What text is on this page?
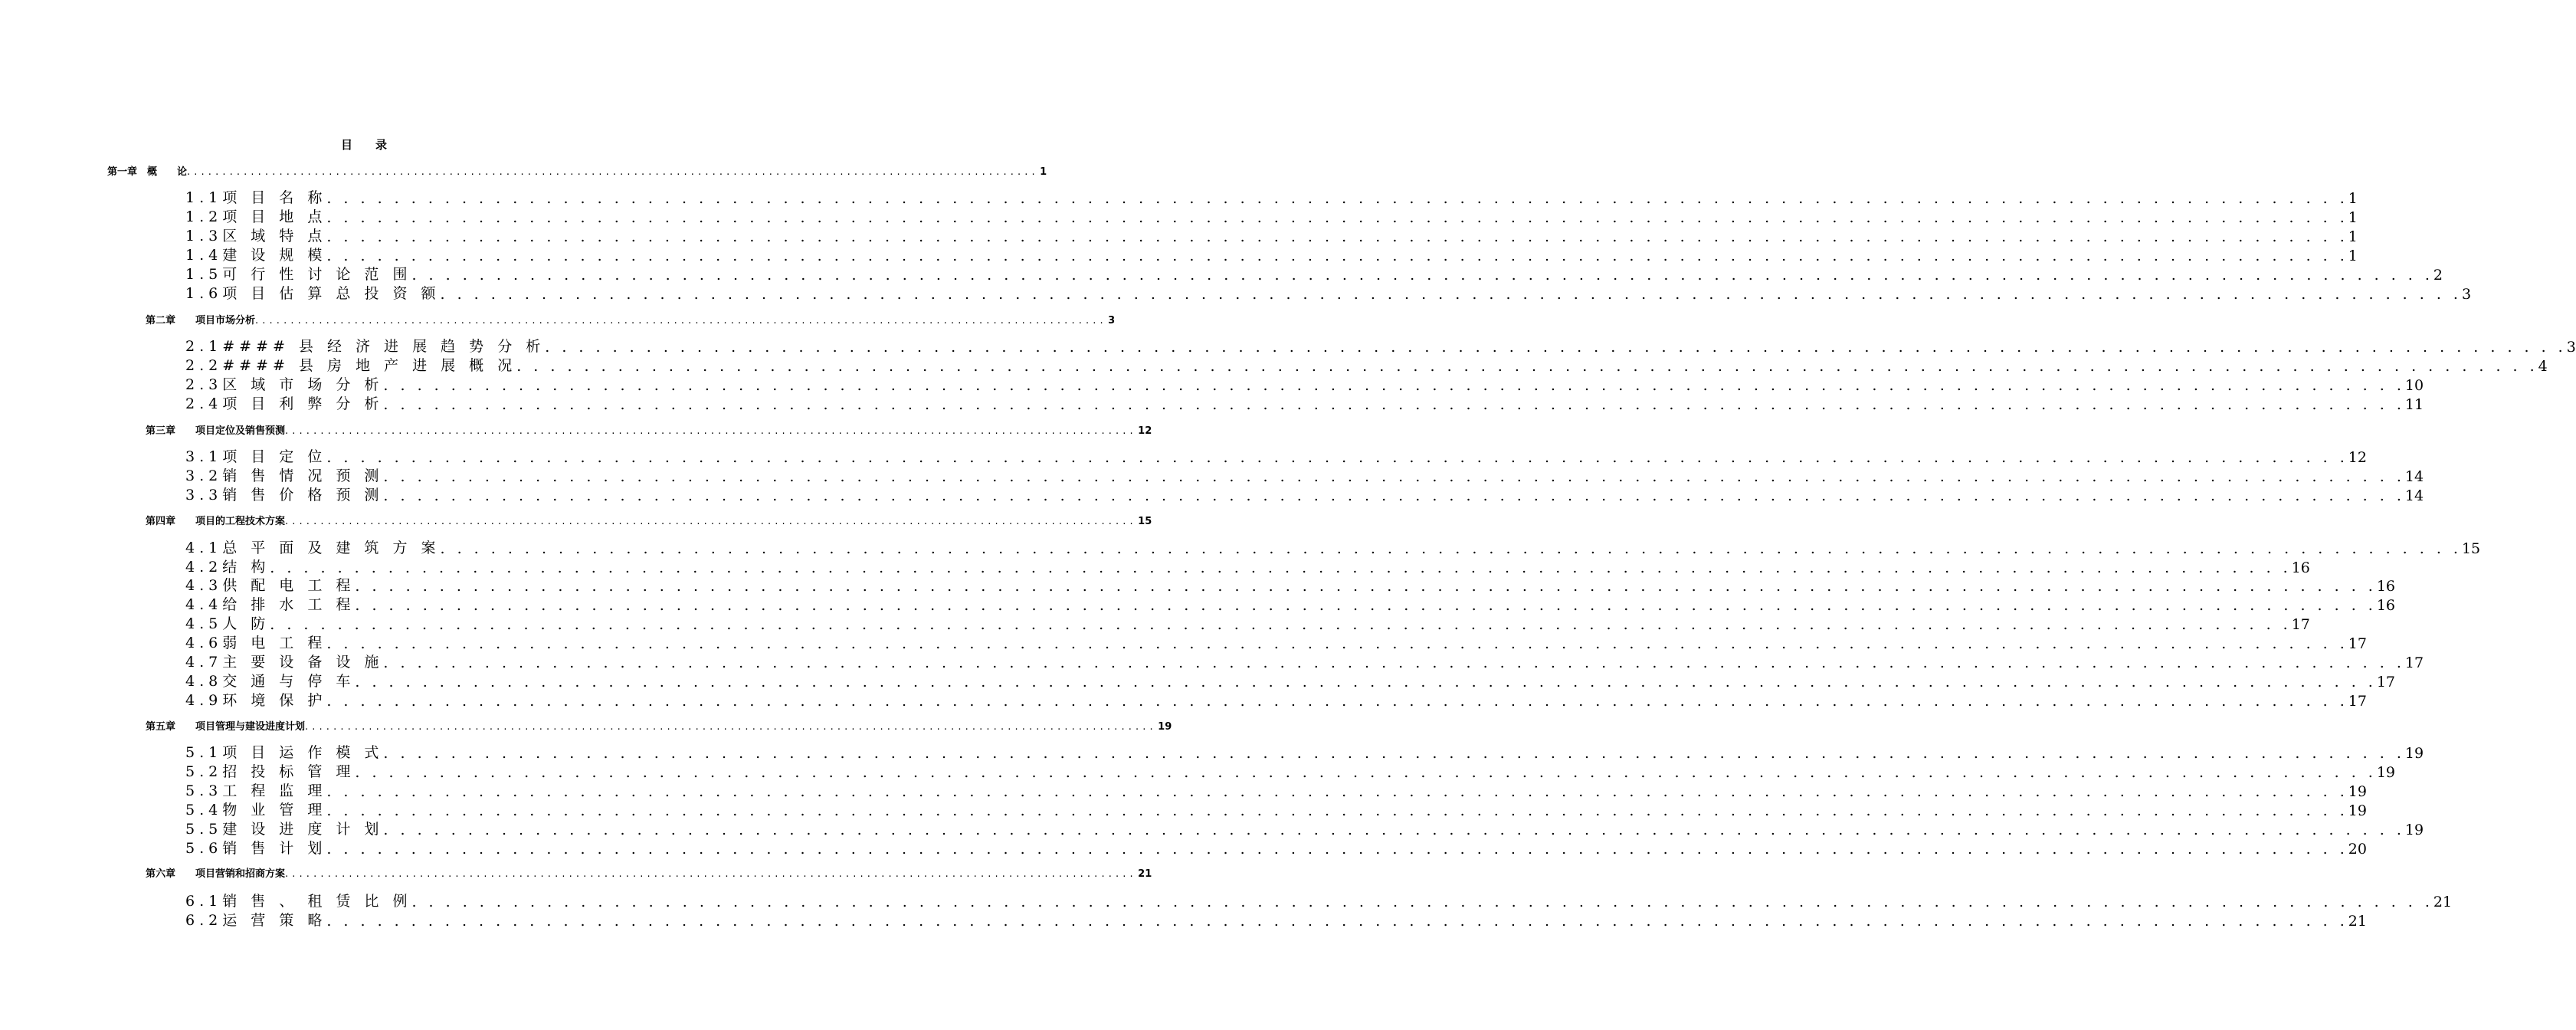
目　　录
第一章　概　　论 . . . . . . . . . . . . . . . . . . . . . . . . . . . . . . . . . . . . . . . . . . . . . . . . . . . . . . . . . . . . . . . . . . . . . . . . . . . . . . . . . . . . . . . . . . . . . . . . . . . . . . . . . . . . . . . . . . . . . . . . 1
1.1项 目 名 称 . . . . . . . . . . . . . . . . . . . . . . . . . . . . . . . . . . . . . . . . . . . . . . . . . . . . . . . . . . . . . . . . . . . . . . . . . . . . . . . . . . . . . . . . . . . . . . . . . . . . . . . . . . . . . . . . . . . . . . . . 1
1.2项 目 地 点 . . . . . . . . . . . . . . . . . . . . . . . . . . . . . . . . . . . . . . . . . . . . . . . . . . . . . . . . . . . . . . . . . . . . . . . . . . . . . . . . . . . . . . . . . . . . . . . . . . . . . . . . . . . . . . . . . . . . . . . . 1
1.3区 域 特 点 . . . . . . . . . . . . . . . . . . . . . . . . . . . . . . . . . . . . . . . . . . . . . . . . . . . . . . . . . . . . . . . . . . . . . . . . . . . . . . . . . . . . . . . . . . . . . . . . . . . . . . . . . . . . . . . . . . . . . . . . 1
1.4建 设 规 模 . . . . . . . . . . . . . . . . . . . . . . . . . . . . . . . . . . . . . . . . . . . . . . . . . . . . . . . . . . . . . . . . . . . . . . . . . . . . . . . . . . . . . . . . . . . . . . . . . . . . . . . . . . . . . . . . . . . . . . . . 1
1.5可 行 性 讨 论 范 围 . . . . . . . . . . . . . . . . . . . . . . . . . . . . . . . . . . . . . . . . . . . . . . . . . . . . . . . . . . . . . . . . . . . . . . . . . . . . . . . . . . . . . . . . . . . . . . . . . . . . . . . . . . . . . . . . . . . . . . . . 2
1.6项 目 估 算 总 投 资 额 . . . . . . . . . . . . . . . . . . . . . . . . . . . . . . . . . . . . . . . . . . . . . . . . . . . . . . . . . . . . . . . . . . . . . . . . . . . . . . . . . . . . . . . . . . . . . . . . . . . . . . . . . . . . . . . . . . . . . . . . 3
第二章　　项目市场分析 . . . . . . . . . . . . . . . . . . . . . . . . . . . . . . . . . . . . . . . . . . . . . . . . . . . . . . . . . . . . . . . . . . . . . . . . . . . . . . . . . . . . . . . . . . . . . . . . . . . . . . . . . . . . . . . . . . . . . . . . 3
2.1#### 县 经 济 进 展 趋 势 分 析 . . . . . . . . . . . . . . . . . . . . . . . . . . . . . . . . . . . . . . . . . . . . . . . . . . . . . . . . . . . . . . . . . . . . . . . . . . . . . . . . . . . . . . . . . . . . . . . . . . . . . . . . . . . . . . . . . . . . . . . . 3
2.2#### 县 房 地 产 进 展 概 况 . . . . . . . . . . . . . . . . . . . . . . . . . . . . . . . . . . . . . . . . . . . . . . . . . . . . . . . . . . . . . . . . . . . . . . . . . . . . . . . . . . . . . . . . . . . . . . . . . . . . . . . . . . . . . . . . . . . . . . . . 4
2.3区 域 市 场 分 析 . . . . . . . . . . . . . . . . . . . . . . . . . . . . . . . . . . . . . . . . . . . . . . . . . . . . . . . . . . . . . . . . . . . . . . . . . . . . . . . . . . . . . . . . . . . . . . . . . . . . . . . . . . . . . . . . . . . . . . . . 10
2.4项 目 利 弊 分 析 . . . . . . . . . . . . . . . . . . . . . . . . . . . . . . . . . . . . . . . . . . . . . . . . . . . . . . . . . . . . . . . . . . . . . . . . . . . . . . . . . . . . . . . . . . . . . . . . . . . . . . . . . . . . . . . . . . . . . . . . 11
第三章　　项目定位及销售预测 . . . . . . . . . . . . . . . . . . . . . . . . . . . . . . . . . . . . . . . . . . . . . . . . . . . . . . . . . . . . . . . . . . . . . . . . . . . . . . . . . . . . . . . . . . . . . . . . . . . . . . . . . . . . . . . . . . . . . . . . 12
3.1项 目 定 位 . . . . . . . . . . . . . . . . . . . . . . . . . . . . . . . . . . . . . . . . . . . . . . . . . . . . . . . . . . . . . . . . . . . . . . . . . . . . . . . . . . . . . . . . . . . . . . . . . . . . . . . . . . . . . . . . . . . . . . . . 12
3.2销 售 情 况 预 测 . . . . . . . . . . . . . . . . . . . . . . . . . . . . . . . . . . . . . . . . . . . . . . . . . . . . . . . . . . . . . . . . . . . . . . . . . . . . . . . . . . . . . . . . . . . . . . . . . . . . . . . . . . . . . . . . . . . . . . . . 14
3.3销 售 价 格 预 测 . . . . . . . . . . . . . . . . . . . . . . . . . . . . . . . . . . . . . . . . . . . . . . . . . . . . . . . . . . . . . . . . . . . . . . . . . . . . . . . . . . . . . . . . . . . . . . . . . . . . . . . . . . . . . . . . . . . . . . . . 14
第四章　　项目的工程技术方案 . . . . . . . . . . . . . . . . . . . . . . . . . . . . . . . . . . . . . . . . . . . . . . . . . . . . . . . . . . . . . . . . . . . . . . . . . . . . . . . . . . . . . . . . . . . . . . . . . . . . . . . . . . . . . . . . . . . . . . . . 15
4.1总 平 面 及 建 筑 方 案 . . . . . . . . . . . . . . . . . . . . . . . . . . . . . . . . . . . . . . . . . . . . . . . . . . . . . . . . . . . . . . . . . . . . . . . . . . . . . . . . . . . . . . . . . . . . . . . . . . . . . . . . . . . . . . . . . . . . . . . . 15
4.2结 构 . . . . . . . . . . . . . . . . . . . . . . . . . . . . . . . . . . . . . . . . . . . . . . . . . . . . . . . . . . . . . . . . . . . . . . . . . . . . . . . . . . . . . . . . . . . . . . . . . . . . . . . . . . . . . . . . . . . . . . . . 16
4.3供 配 电 工 程 . . . . . . . . . . . . . . . . . . . . . . . . . . . . . . . . . . . . . . . . . . . . . . . . . . . . . . . . . . . . . . . . . . . . . . . . . . . . . . . . . . . . . . . . . . . . . . . . . . . . . . . . . . . . . . . . . . . . . . . . 16
4.4给 排 水 工 程 . . . . . . . . . . . . . . . . . . . . . . . . . . . . . . . . . . . . . . . . . . . . . . . . . . . . . . . . . . . . . . . . . . . . . . . . . . . . . . . . . . . . . . . . . . . . . . . . . . . . . . . . . . . . . . . . . . . . . . . . 16
4.5人 防 . . . . . . . . . . . . . . . . . . . . . . . . . . . . . . . . . . . . . . . . . . . . . . . . . . . . . . . . . . . . . . . . . . . . . . . . . . . . . . . . . . . . . . . . . . . . . . . . . . . . . . . . . . . . . . . . . . . . . . . . 17
4.6弱 电 工 程 . . . . . . . . . . . . . . . . . . . . . . . . . . . . . . . . . . . . . . . . . . . . . . . . . . . . . . . . . . . . . . . . . . . . . . . . . . . . . . . . . . . . . . . . . . . . . . . . . . . . . . . . . . . . . . . . . . . . . . . . 17
4.7主 要 设 备 设 施 . . . . . . . . . . . . . . . . . . . . . . . . . . . . . . . . . . . . . . . . . . . . . . . . . . . . . . . . . . . . . . . . . . . . . . . . . . . . . . . . . . . . . . . . . . . . . . . . . . . . . . . . . . . . . . . . . . . . . . . . 17
4.8交 通 与 停 车 . . . . . . . . . . . . . . . . . . . . . . . . . . . . . . . . . . . . . . . . . . . . . . . . . . . . . . . . . . . . . . . . . . . . . . . . . . . . . . . . . . . . . . . . . . . . . . . . . . . . . . . . . . . . . . . . . . . . . . . . 17
4.9环 境 保 护 . . . . . . . . . . . . . . . . . . . . . . . . . . . . . . . . . . . . . . . . . . . . . . . . . . . . . . . . . . . . . . . . . . . . . . . . . . . . . . . . . . . . . . . . . . . . . . . . . . . . . . . . . . . . . . . . . . . . . . . . 17
第五章　　项目管理与建设进度计划 . . . . . . . . . . . . . . . . . . . . . . . . . . . . . . . . . . . . . . . . . . . . . . . . . . . . . . . . . . . . . . . . . . . . . . . . . . . . . . . . . . . . . . . . . . . . . . . . . . . . . . . . . . . . . . . . . . . . . . . . 19
5.1项 目 运 作 模 式 . . . . . . . . . . . . . . . . . . . . . . . . . . . . . . . . . . . . . . . . . . . . . . . . . . . . . . . . . . . . . . . . . . . . . . . . . . . . . . . . . . . . . . . . . . . . . . . . . . . . . . . . . . . . . . . . . . . . . . . . 19
5.2招 投 标 管 理 . . . . . . . . . . . . . . . . . . . . . . . . . . . . . . . . . . . . . . . . . . . . . . . . . . . . . . . . . . . . . . . . . . . . . . . . . . . . . . . . . . . . . . . . . . . . . . . . . . . . . . . . . . . . . . . . . . . . . . . . 19
5.3工 程 监 理 . . . . . . . . . . . . . . . . . . . . . . . . . . . . . . . . . . . . . . . . . . . . . . . . . . . . . . . . . . . . . . . . . . . . . . . . . . . . . . . . . . . . . . . . . . . . . . . . . . . . . . . . . . . . . . . . . . . . . . . . 19
5.4物 业 管 理 . . . . . . . . . . . . . . . . . . . . . . . . . . . . . . . . . . . . . . . . . . . . . . . . . . . . . . . . . . . . . . . . . . . . . . . . . . . . . . . . . . . . . . . . . . . . . . . . . . . . . . . . . . . . . . . . . . . . . . . . 19
5.5建 设 进 度 计 划 . . . . . . . . . . . . . . . . . . . . . . . . . . . . . . . . . . . . . . . . . . . . . . . . . . . . . . . . . . . . . . . . . . . . . . . . . . . . . . . . . . . . . . . . . . . . . . . . . . . . . . . . . . . . . . . . . . . . . . . . 19
5.6销 售 计 划 . . . . . . . . . . . . . . . . . . . . . . . . . . . . . . . . . . . . . . . . . . . . . . . . . . . . . . . . . . . . . . . . . . . . . . . . . . . . . . . . . . . . . . . . . . . . . . . . . . . . . . . . . . . . . . . . . . . . . . . . 20
第六章　　项目营销和招商方案 . . . . . . . . . . . . . . . . . . . . . . . . . . . . . . . . . . . . . . . . . . . . . . . . . . . . . . . . . . . . . . . . . . . . . . . . . . . . . . . . . . . . . . . . . . . . . . . . . . . . . . . . . . . . . . . . . . . . . . . . 21
6.1销 售 、 租 赁 比 例 . . . . . . . . . . . . . . . . . . . . . . . . . . . . . . . . . . . . . . . . . . . . . . . . . . . . . . . . . . . . . . . . . . . . . . . . . . . . . . . . . . . . . . . . . . . . . . . . . . . . . . . . . . . . . . . . . . . . . . . . 21
6.2运 营 策 略 . . . . . . . . . . . . . . . . . . . . . . . . . . . . . . . . . . . . . . . . . . . . . . . . . . . . . . . . . . . . . . . . . . . . . . . . . . . . . . . . . . . . . . . . . . . . . . . . . . . . . . . . . . . . . . . . . . . . . . . . 21
